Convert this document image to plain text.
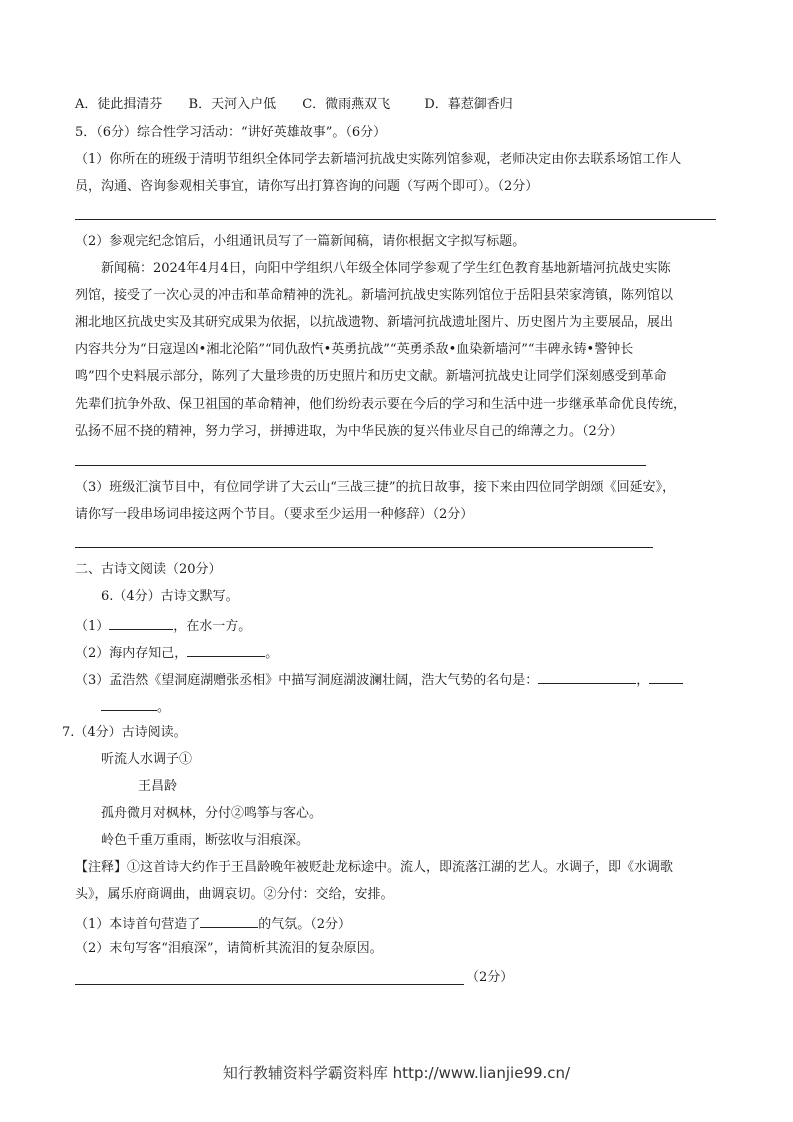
A．徒此揖清芬 B．天河入户低 C．微雨燕双飞	D．暮惹御香归
5．（6分）综合性学习活动：“讲好英雄故事”。（6分）
（1）你所在的班级于清明节组织全体同学去新墙河抗战史实陈列馆参观，老师决定由你去联系场馆工作人
员，沟通、咨询参观相关事宜，请你写出打算咨询的问题（写两个即可）。（2分）
（2）参观完纪念馆后，小组通讯员写了一篇新闻稿，请你根据文字拟写标题。
新闻稿：2024年4月4日，向阳中学组织八年级全体同学参观了学生红色教育基地新墙河抗战史实陈
列馆，接受了一次心灵的冲击和革命精神的洗礼。新墙河抗战史实陈列馆位于岳阳县荣家湾镇，陈列馆以
湘北地区抗战史实及其研究成果为依据，以抗战遗物、新墙河抗战遗址图片、历史图片为主要展品，展出
内容共分为“日寇逞凶•湘北沦陷”“同仇敌忾•英勇抗战”“英勇杀敌•血染新墙河”“丰碑永铸•警钟长
鸣”四个史料展示部分，陈列了大量珍贵的历史照片和历史文献。新墙河抗战史让同学们深刻感受到革命
先辈们抗争外敌、保卫祖国的革命精神，他们纷纷表示要在今后的学习和生活中进一步继承革命优良传统，
弘扬不屈不挠的精神，努力学习，拼搏进取，为中华民族的复兴伟业尽自己的绵薄之力。（2分）
（3）班级汇演节目中，有位同学讲了大云山“三战三捷”的抗日故事，接下来由四位同学朗颂《回延安》，
请你写一段串场词串接这两个节目。（要求至少运用一种修辞）（2分）
二、古诗文阅读（20分）
6.（4分）古诗文默写。
（1）	，在水一方。
（2）海内存知己，	。
（3）孟浩然《望洞庭湖赠张丞相》中描写洞庭湖波澜壮阔，浩大气势的名句是：	，
。
7.（4分）古诗阅读。
听流人水调子①
王昌龄
孤舟微月对枫林，分付②鸣筝与客心。
岭色千重万重雨，断弦收与泪痕深。
【注释】①这首诗大约作于王昌龄晚年被贬赴龙标途中。流人，即流落江湖的艺人。水调子，即《水调歌
头》，属乐府商调曲，曲调哀切。②分付：交给，安排。
（1）本诗首句营造了	的气氛。（2分）
（2）末句写客“泪痕深”，请简析其流泪的复杂原因。
（2分）
知行教辅资料学霸资料库 http://www.lianjie99.cn/
